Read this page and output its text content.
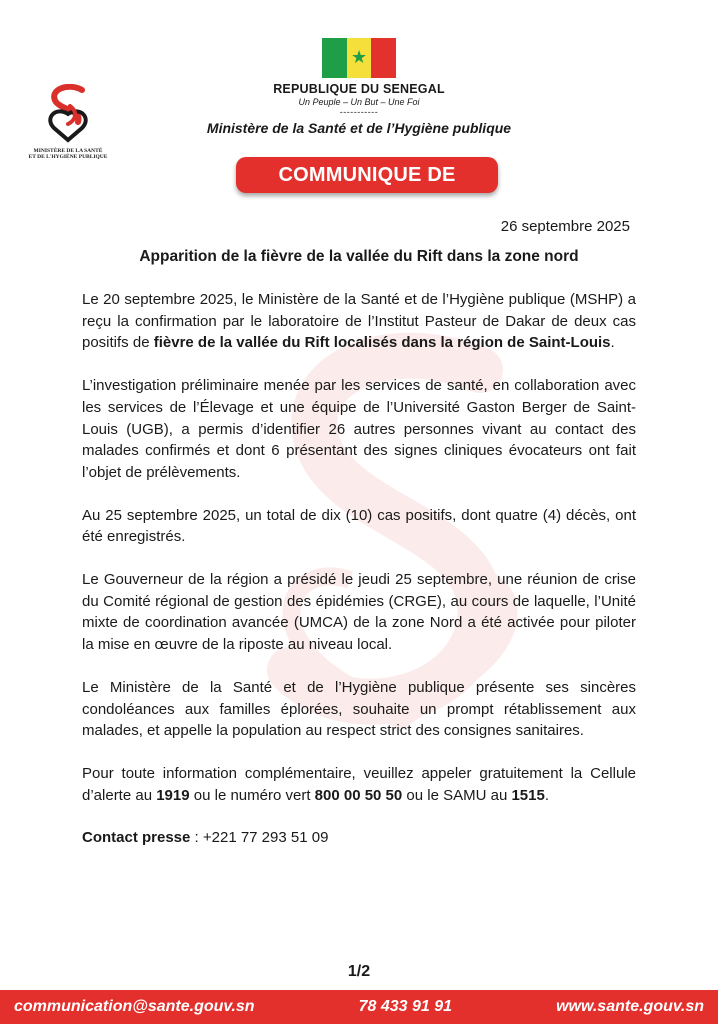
MINISTÈRE DE LA SANTÉ
ET DE L'HYGIÈNE PUBLIQUE
★
REPUBLIQUE DU SENEGAL
Un Peuple – Un But – Une Foi
-----------
Ministère de la Santé et de l’Hygiène publique
COMMUNIQUE DE PRESSE
26 septembre 2025
Apparition de la fièvre de la vallée du Rift dans la zone nord

Le 20 septembre 2025, le Ministère de la Santé et de l’Hygiène publique (MSHP) a reçu la confirmation par le laboratoire de l’Institut Pasteur de Dakar de deux cas positifs de fièvre de la vallée du Rift localisés dans la région de Saint-Louis.

L’investigation préliminaire menée par les services de santé, en collaboration avec les services de l’Élevage et une équipe de l’Université Gaston Berger de Saint-Louis (UGB), a permis d’identifier 26 autres personnes vivant au contact des malades confirmés et dont 6 présentant des signes cliniques évocateurs ont fait l’objet de prélèvements.

Au 25 septembre 2025, un total de dix (10) cas positifs, dont quatre (4) décès, ont été enregistrés.

Le Gouverneur de la région a présidé le jeudi 25 septembre, une réunion de crise du Comité régional de gestion des épidémies (CRGE), au cours de laquelle, l’Unité mixte de coordination avancée (UMCA) de la zone Nord a été activée pour piloter la mise en œuvre de la riposte au niveau local.

Le Ministère de la Santé et de l’Hygiène publique présente ses sincères condoléances aux familles éplorées, souhaite un prompt rétablissement aux malades, et appelle la population au respect strict des consignes sanitaires.

Pour toute information complémentaire, veuillez appeler gratuitement la Cellule d’alerte au 1919 ou le numéro vert 800 00 50 50 ou le SAMU au 1515.

Contact presse : +221 77 293 51 09

1/2
communication@sante.gouv.sn	78 433 91 91	www.sante.gouv.sn
